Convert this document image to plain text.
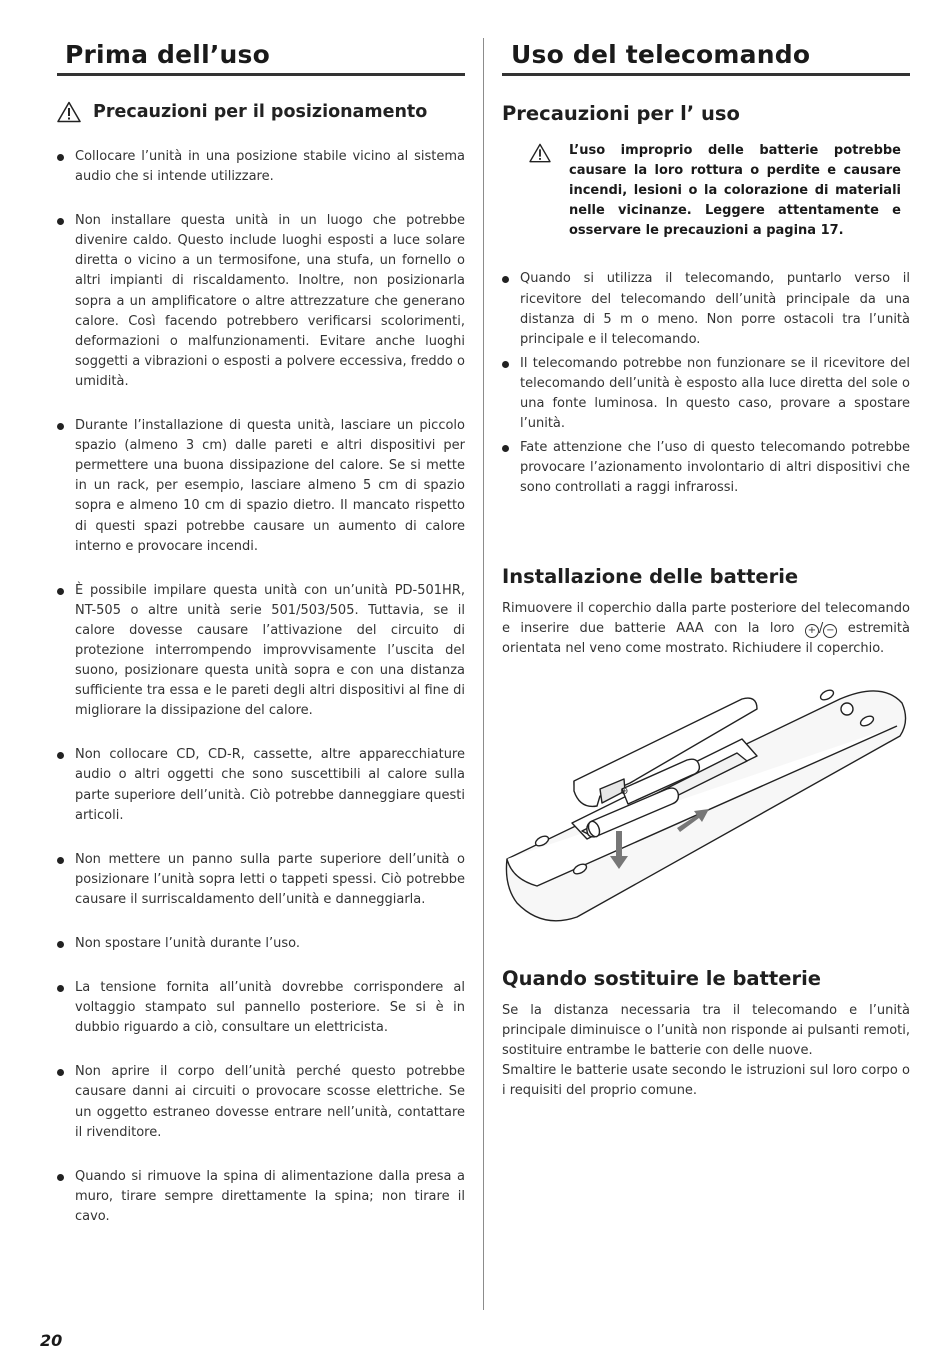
Prima dell’uso
Precauzioni per il posizionamento
Collocare l’unità in una posizione stabile vicino al sistema audio che si intende utilizzare.
Non installare questa unità in un luogo che potrebbe divenire caldo. Questo include luoghi esposti a luce solare diretta o vicino a un termosifone, una stufa, un fornello o altri impianti di riscaldamento. Inoltre, non posizionarla sopra a un amplificatore o altre attrezzature che generano calore. Così facendo potrebbero verificarsi scolorimenti, deformazioni o malfunzionamenti. Evitare anche luoghi soggetti a vibrazioni o esposti a polvere eccessiva, freddo o umidità.
Durante l’installazione di questa unità, lasciare un piccolo spazio (almeno 3 cm) dalle pareti e altri dispositivi per permettere una buona dissipazione del calore. Se si mette in un rack, per esempio, lasciare almeno 5 cm di spazio sopra e almeno 10 cm di spazio dietro. Il mancato rispetto di questi spazi potrebbe causare un aumento di calore interno e provocare incendi.
È possibile impilare questa unità con un’unità PD-501HR, NT-505 o altre unità serie 501/503/505. Tuttavia, se il calore dovesse causare l’attivazione del circuito di protezione interrompendo improvvisamente l’uscita del suono, posizionare questa unità sopra e con una distanza sufficiente tra essa e le pareti degli altri dispositivi al fine di migliorare la dissipazione del calore.
Non collocare CD, CD-R, cassette, altre apparecchiature audio o altri oggetti che sono suscettibili al calore sulla parte superiore dell’unità. Ciò potrebbe danneggiare questi articoli.
Non mettere un panno sulla parte superiore dell’unità o posizionare l’unità sopra letti o tappeti spessi. Ciò potrebbe causare il surriscaldamento dell’unità e danneggiarla.
Non spostare l’unità durante l’uso.
La tensione fornita all’unità dovrebbe corrispondere al voltaggio stampato sul pannello posteriore. Se si è in dubbio riguardo a ciò, consultare un elettricista.
Non aprire il corpo dell’unità perché questo potrebbe causare danni ai circuiti o provocare scosse elettriche. Se un oggetto estraneo dovesse entrare nell’unità, contattare il rivenditore.
Quando si rimuove la spina di alimentazione dalla presa a muro, tirare sempre direttamente la spina; non tirare il cavo.
Uso del telecomando
Precauzioni per l’ uso
L’uso improprio delle batterie potrebbe causare la loro rottura o perdite e causare incendi, lesioni o la colorazione di materiali nelle vicinanze. Leggere attentamente e osservare le precauzioni a pagina 17.
Quando si utilizza il telecomando, puntarlo verso il ricevitore del telecomando dell’unità principale da una distanza di 5 m o meno. Non porre ostacoli tra l’unità principale e il telecomando.
Il telecomando potrebbe non funzionare se il ricevitore del telecomando dell’unità è esposto alla luce diretta del sole o una fonte luminosa. In questo caso, provare a spostare l’unità.
Fate attenzione che l’uso di questo telecomando potrebbe provocare l’azionamento involontario di altri dispositivi che sono controllati a raggi infrarossi.
Installazione delle batterie

Rimuovere il coperchio dalla parte posteriore del telecomando e inserire due batterie AAA con la loro + / − estremità orientata nel veno come mostrato. Richiudere il coperchio.

⊕
Quando sostituire le batterie

Se la distanza necessaria tra il telecomando e l’unità principale diminuisce o l’unità non risponde ai pulsanti remoti, sostituire entrambe le batterie con delle nuove.

Smaltire le batterie usate secondo le istruzioni sul loro corpo o i requisiti del proprio comune.

20
